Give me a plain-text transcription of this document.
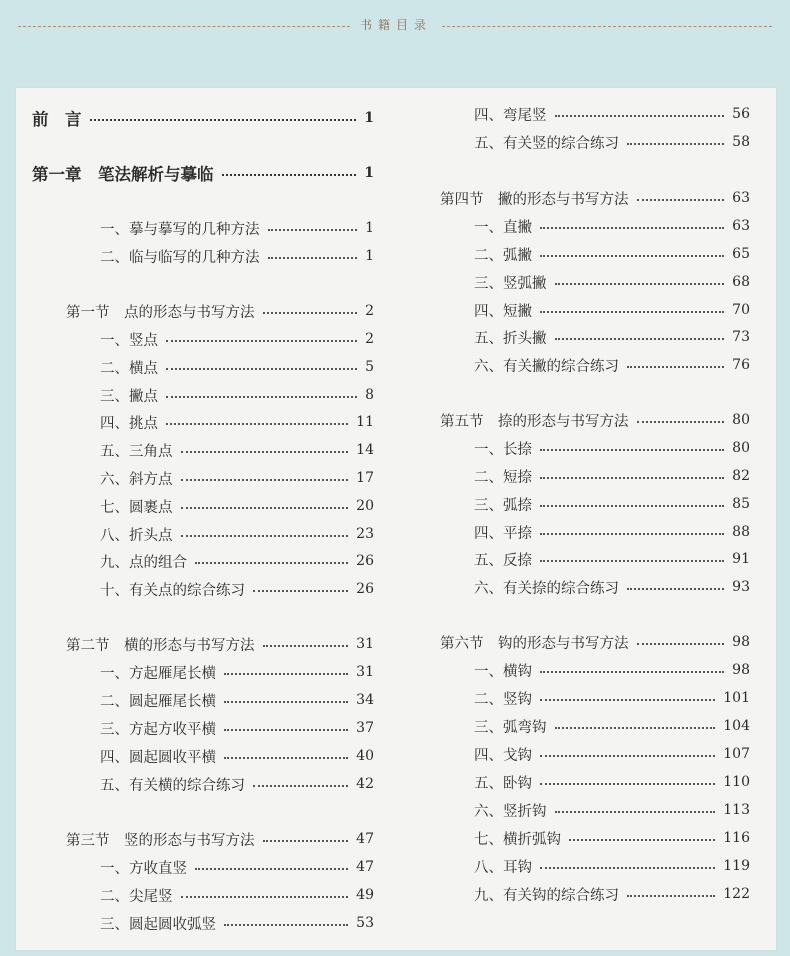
书籍目录
前　言	1
第一章　笔法解析与摹临	1
一、摹与摹写的几种方法	1
二、临与临写的几种方法	1
第一节　点的形态与书写方法	2
一、竖点	2
二、横点	5
三、撇点	8
四、挑点	11
五、三角点	14
六、斜方点	17
七、圆裹点	20
八、折头点	23
九、点的组合	26
十、有关点的综合练习	26
第二节　横的形态与书写方法	31
一、方起雁尾长横	31
二、圆起雁尾长横	34
三、方起方收平横	37
四、圆起圆收平横	40
五、有关横的综合练习	42
第三节　竖的形态与书写方法	47
一、方收直竖	47
二、尖尾竖	49
三、圆起圆收弧竖	53
四、弯尾竖	56
五、有关竖的综合练习	58
第四节　撇的形态与书写方法	63
一、直撇	63
二、弧撇	65
三、竖弧撇	68
四、短撇	70
五、折头撇	73
六、有关撇的综合练习	76
第五节　捺的形态与书写方法	80
一、长捺	80
二、短捺	82
三、弧捺	85
四、平捺	88
五、反捺	91
六、有关捺的综合练习	93
第六节　钩的形态与书写方法	98
一、横钩	98
二、竖钩	101
三、弧弯钩	104
四、戈钩	107
五、卧钩	110
六、竖折钩	113
七、横折弧钩	116
八、耳钩	119
九、有关钩的综合练习	122
